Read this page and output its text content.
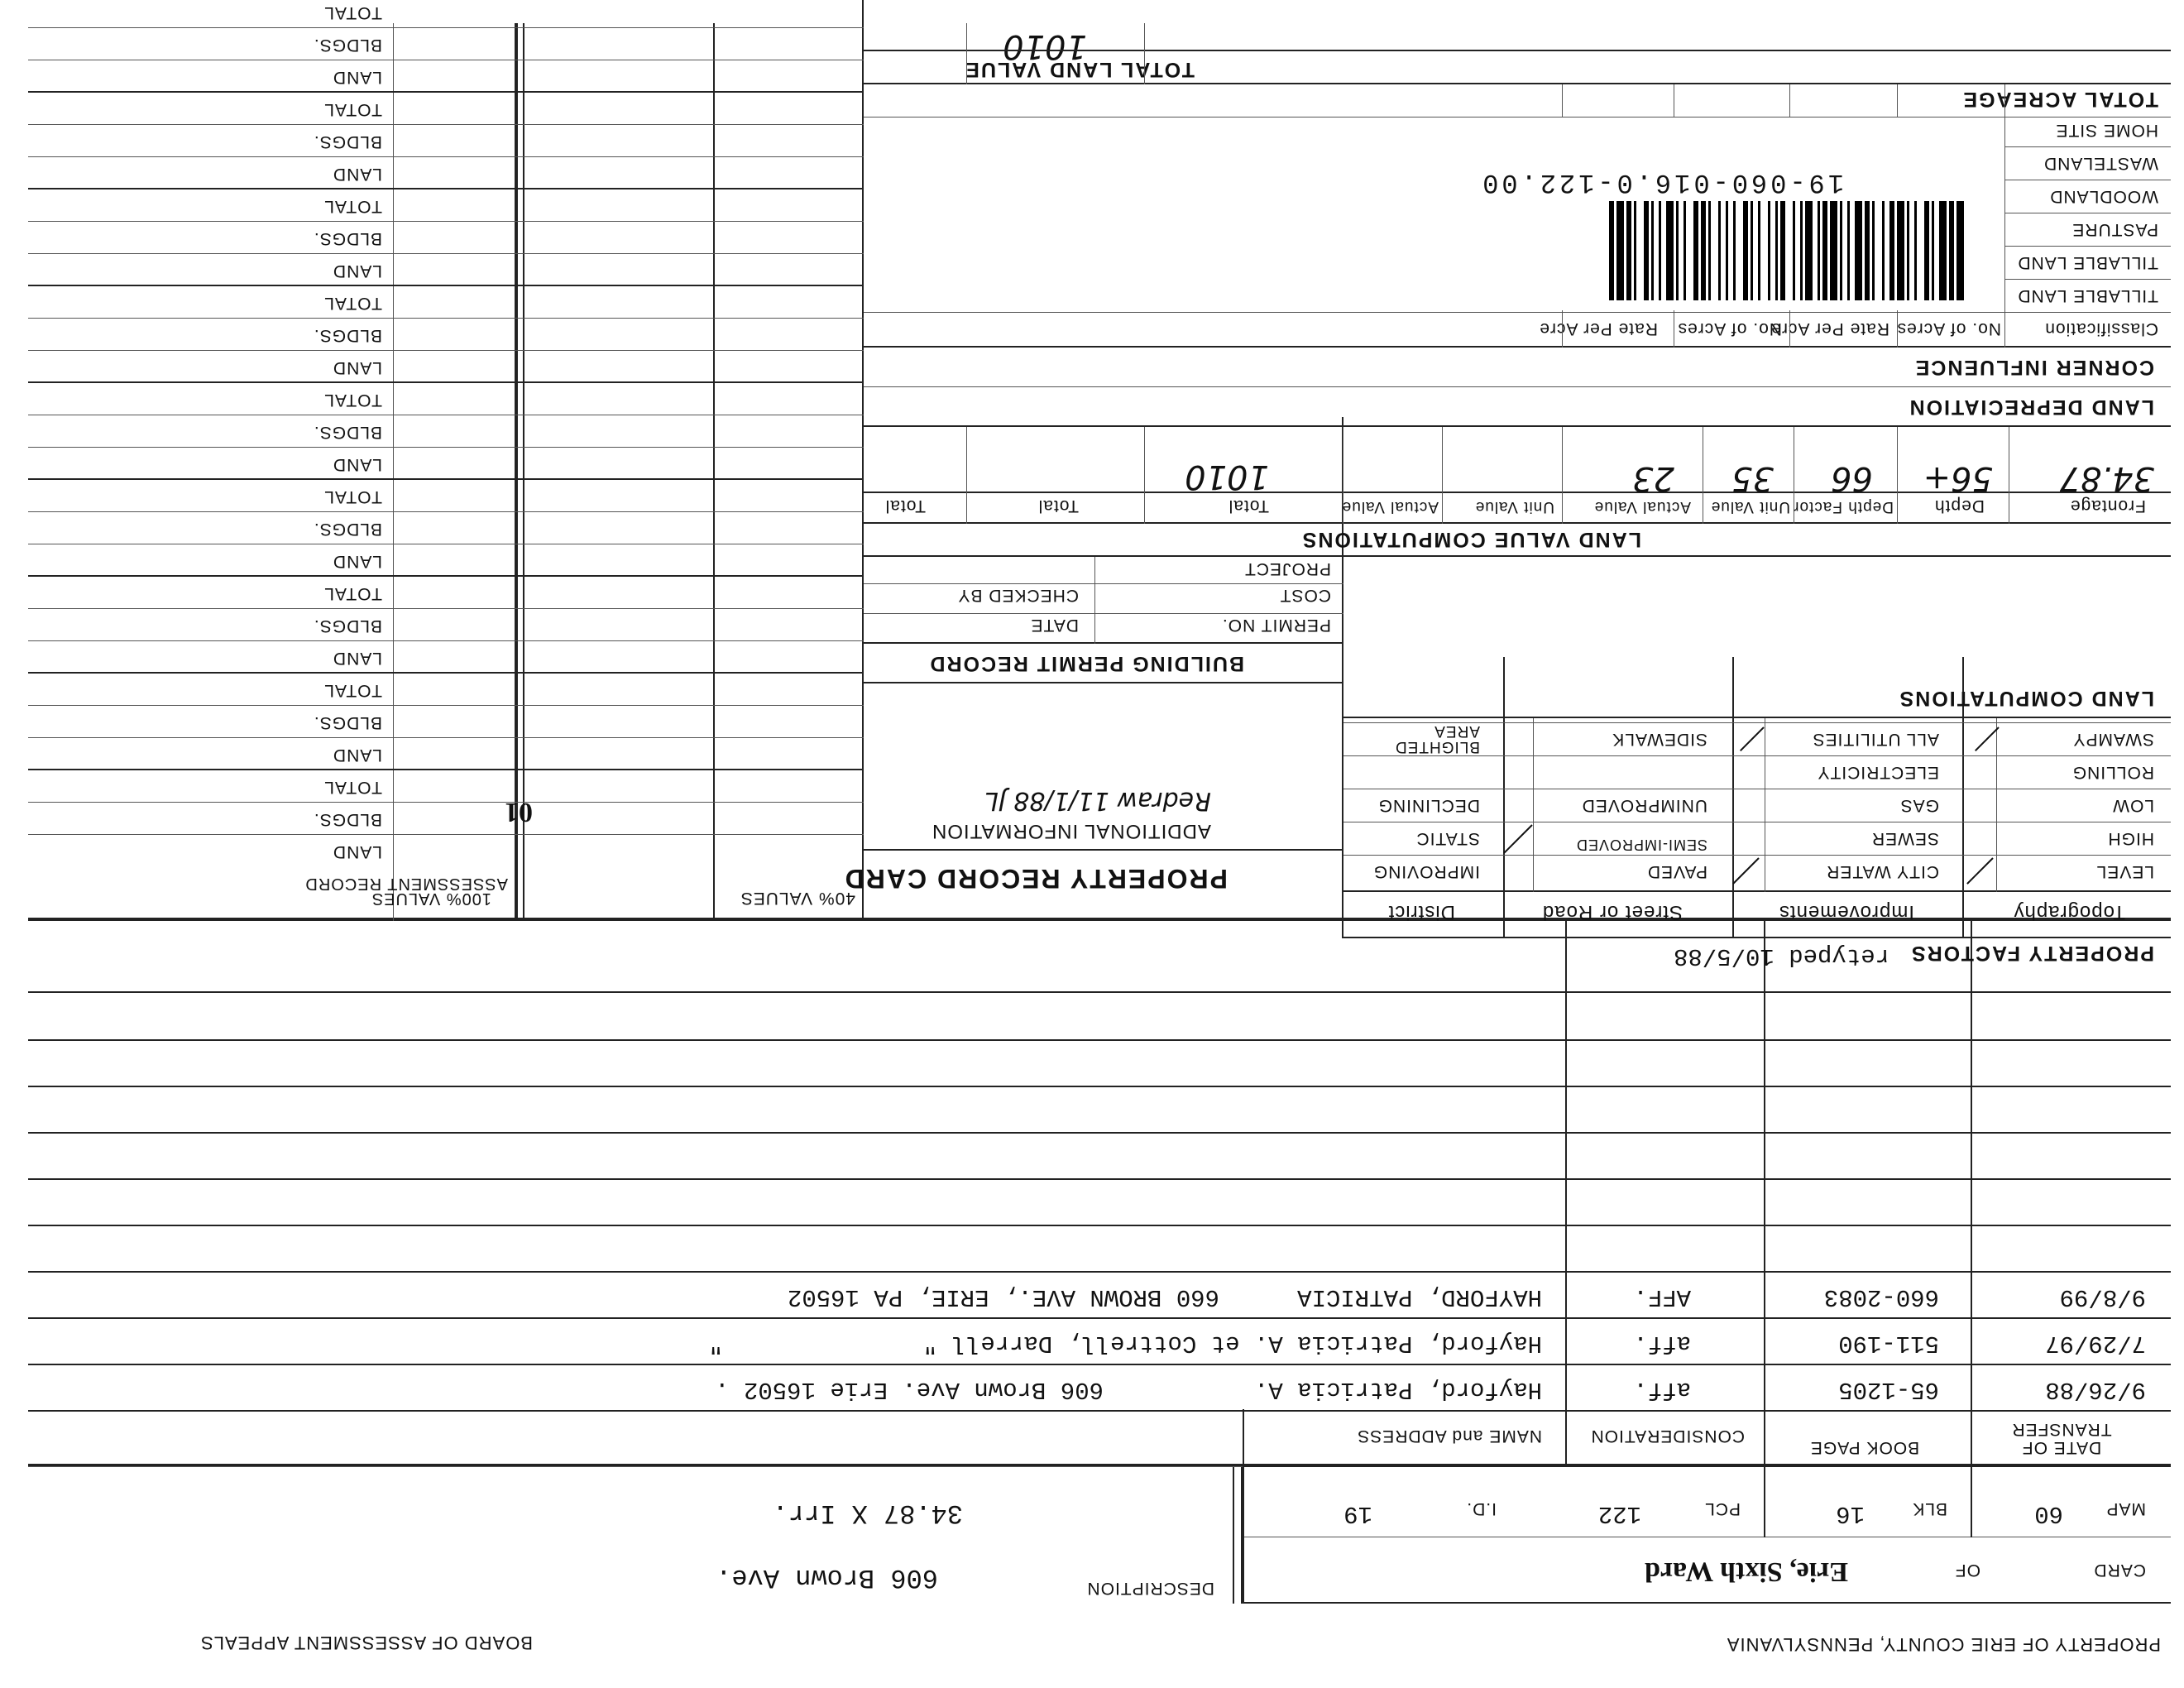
PROPERTY OF ERIE COUNTY, PENNSYLVANIA
BOARD OF ASSESSMENT APPEALS
CARD
OF
Erie, Sixth Ward
DESCRIPTION
606 Brown Ave.
MAP
60
BLK
16
PCL
122
I.D.
19
34.87 X Irr.
DATE OF TRANSFER
BOOK PAGE
CONSIDERATION
NAME and ADDRESS
9/26/88
65-1205
aff.
Hayford, Patricia A.
606 Brown Ave. Erie 16502 .
7/29/97
511-190
aff.
Hayford, Patricia A. et Cottrell, Darrell "
"
9/8/99
660-2083
AFF.
HAYFORD, PATRICIA
660 BROWN AVE., ERIE, PA 16502
PROPERTY FACTORS
retyped 10/5/88
Topography
Improvements
Street or Road
District
LEVEL
HIGH
LOW
ROLLING
SWAMPY
CITY WATER
SEWER
GAS
ELECTRICITY
ALL UTILITIES
PAVED
SEMI-IMPROVED
UNIMPROVED
SIDEWALK
IMPROVING
STATIC
DECLINING
BLIGHTED AREA
LAND COMPUTATIONS
PROPERTY RECORD CARD
ADDITIONAL INFORMATION
Redraw 11/1/88 JL
BUILDING PERMIT RECORD
PERMIT NO.
DATE
COST
CHECKED BY
PROJECT
LAND VALUE COMPUTATIONS
Frontage
Depth
Depth Factor
Unit Value
Actual Value
Unit Value
Actual Value
Total
Total
Total
34.87
56+
66
35
23
1010
LAND DEPRECIATION
CORNER INFLUENCE
Classification
No. of Acres
Rate Per Acre
No. of Acres
Rate Per Acre
TILLABLE LAND
TILLABLE LAND
PASTURE
WOODLAND
WASTELAND
HOME SITE
TOTAL ACREAGE
19-060-016.0-122.00
TOTAL LAND VALUE
1010
40% VALUES
100% VALUES
ASSESSMENT RECORD
01
LAND
BLDGS.
TOTAL
LAND
BLDGS.
TOTAL
LAND
BLDGS.
TOTAL
LAND
BLDGS.
TOTAL
LAND
BLDGS.
TOTAL
LAND
BLDGS.
TOTAL
LAND
BLDGS.
TOTAL
LAND
BLDGS.
TOTAL
LAND
BLDGS.
TOTAL
